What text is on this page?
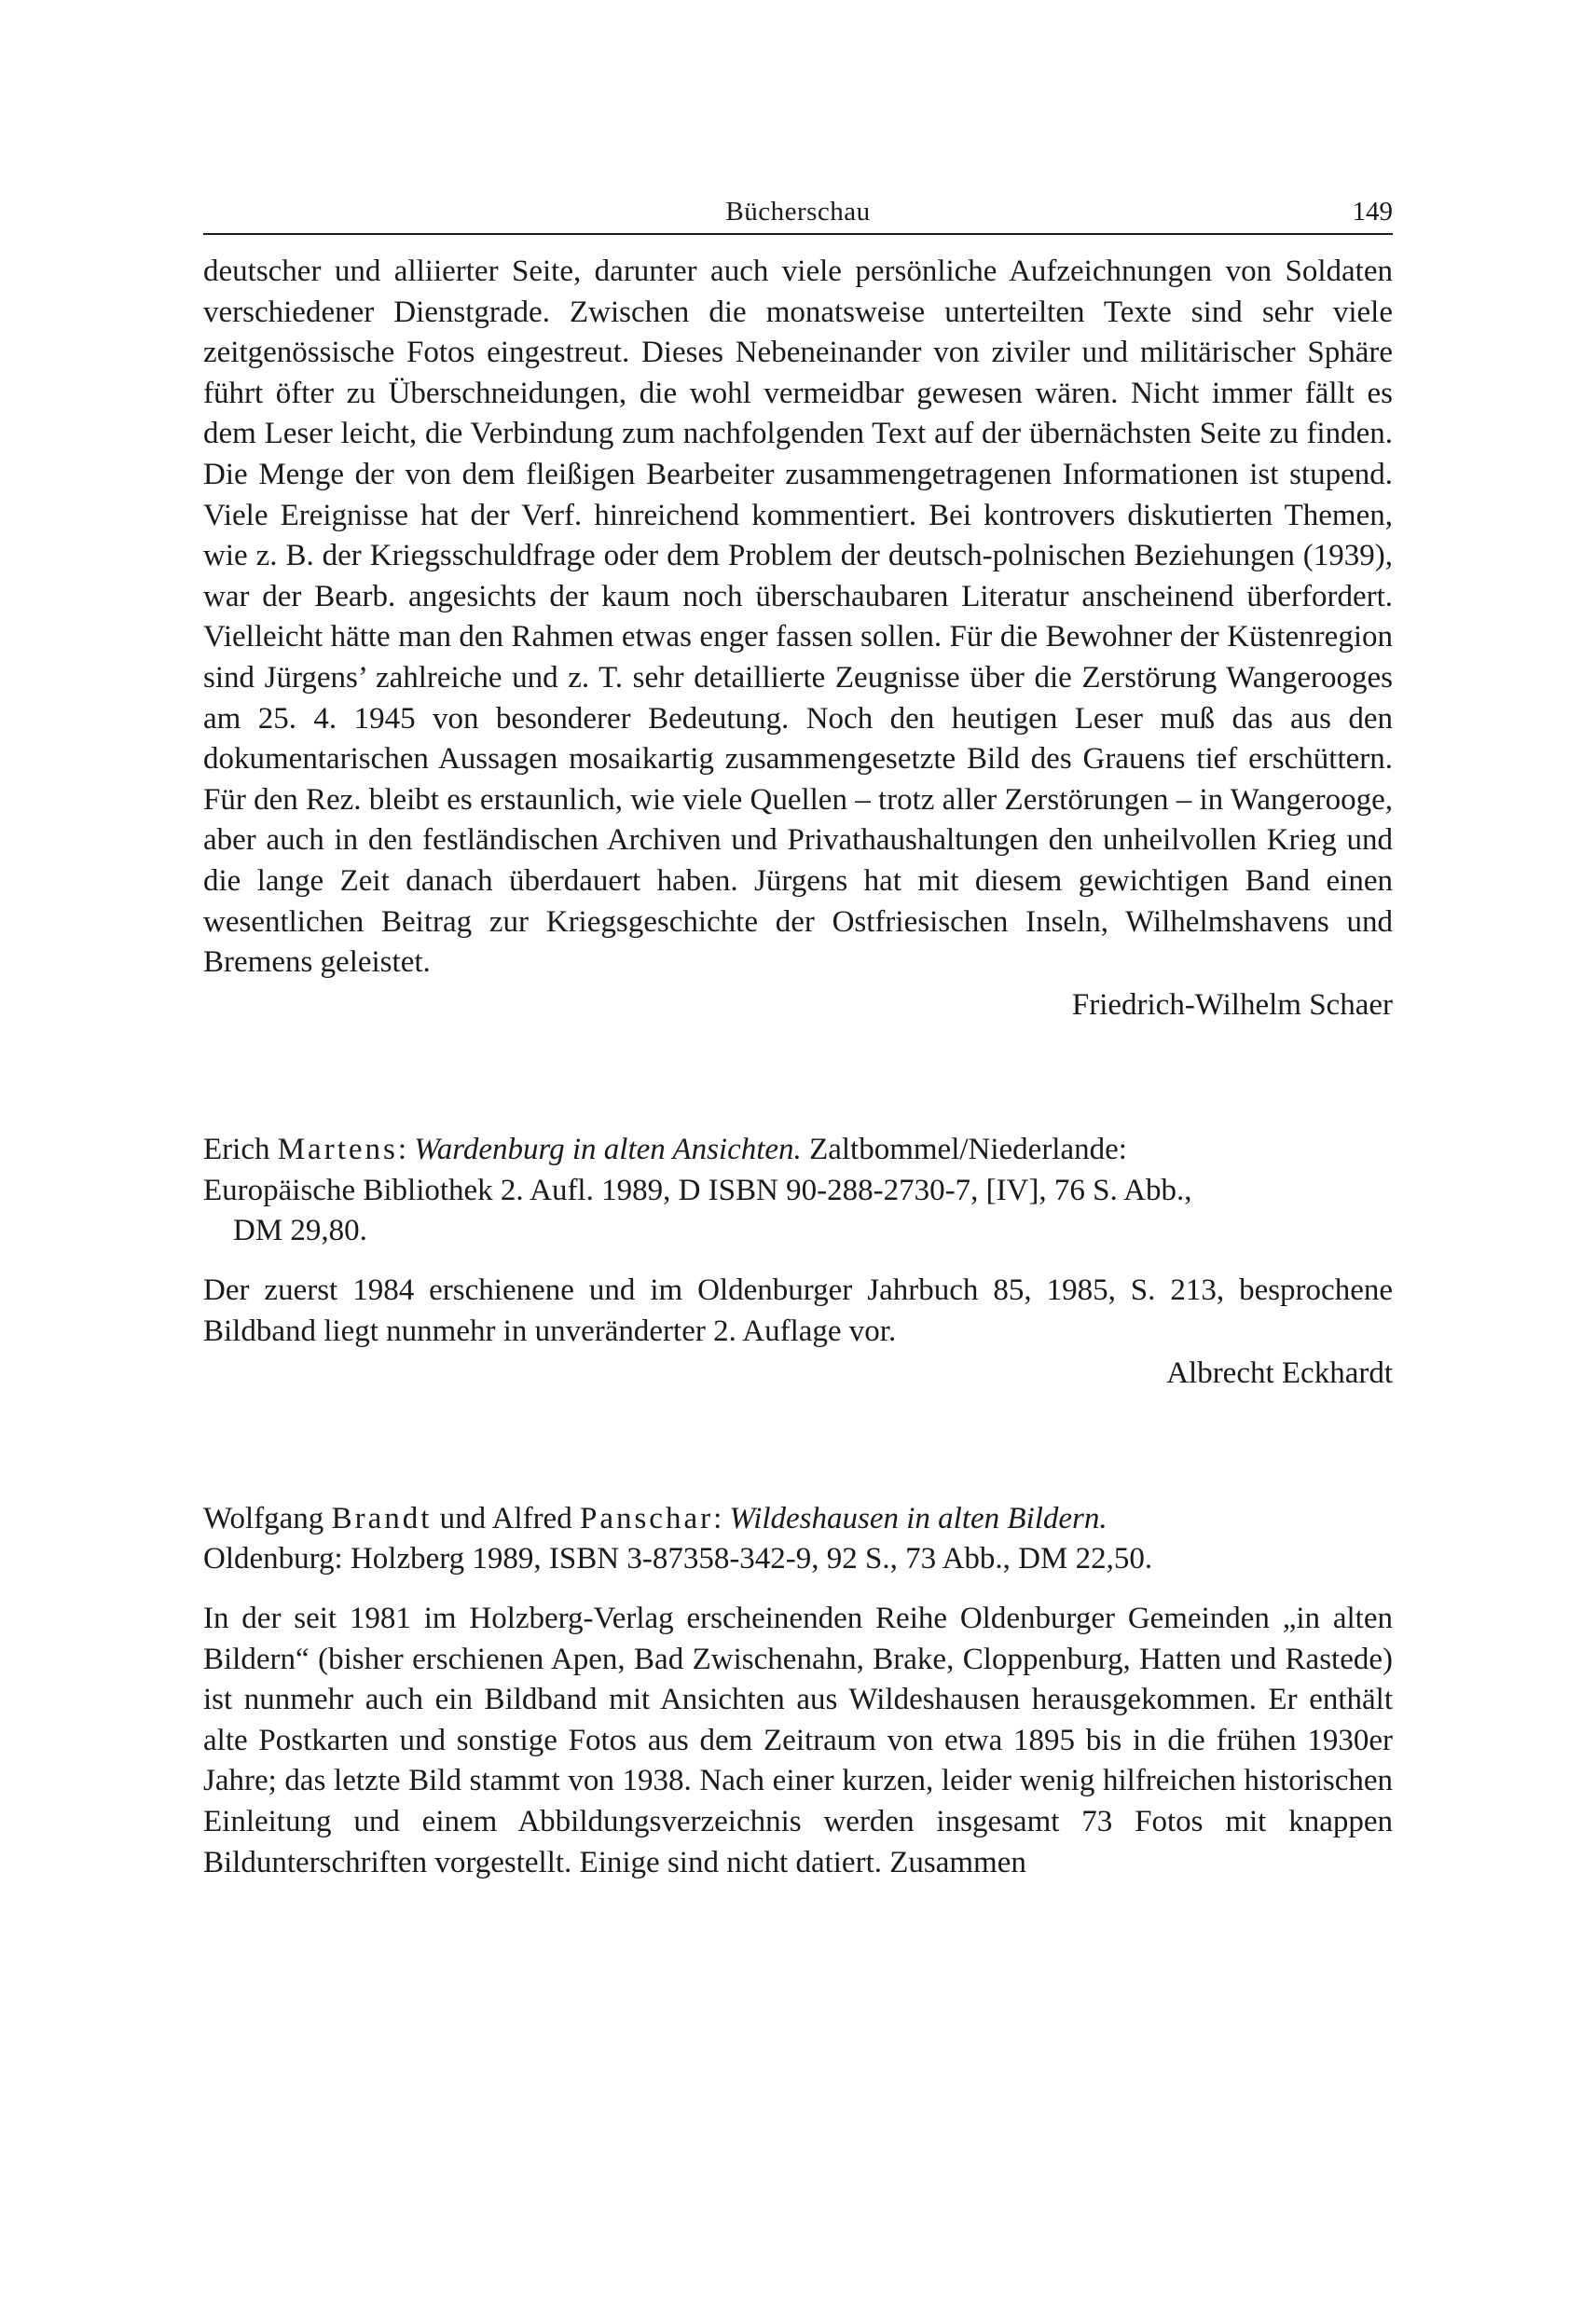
Bücherschau	149

deutscher und alliierter Seite, darunter auch viele persönliche Aufzeichnungen von Soldaten verschiedener Dienstgrade. Zwischen die monatsweise unterteilten Texte sind sehr viele zeitgenössische Fotos eingestreut. Dieses Nebeneinander von ziviler und militärischer Sphäre führt öfter zu Überschneidungen, die wohl vermeidbar gewesen wären. Nicht immer fällt es dem Leser leicht, die Verbindung zum nachfolgenden Text auf der übernächsten Seite zu finden. Die Menge der von dem fleißigen Bearbeiter zusammengetragenen Informationen ist stupend. Viele Ereignisse hat der Verf. hinreichend kommentiert. Bei kontrovers diskutierten Themen, wie z. B. der Kriegsschuldfrage oder dem Problem der deutsch-polnischen Beziehungen (1939), war der Bearb. angesichts der kaum noch überschaubaren Literatur anscheinend überfordert. Vielleicht hätte man den Rahmen etwas enger fassen sollen. Für die Bewohner der Küstenregion sind Jürgens’ zahlreiche und z. T. sehr detaillierte Zeugnisse über die Zerstörung Wangerooges am 25. 4. 1945 von besonderer Bedeutung. Noch den heutigen Leser muß das aus den dokumentarischen Aussagen mosaikartig zusammengesetzte Bild des Grauens tief erschüttern. Für den Rez. bleibt es erstaunlich, wie viele Quellen – trotz aller Zerstörungen – in Wangerooge, aber auch in den festländischen Archiven und Privathaushaltungen den unheilvollen Krieg und die lange Zeit danach überdauert haben. Jürgens hat mit diesem gewichtigen Band einen wesentlichen Beitrag zur Kriegsgeschichte der Ostfriesischen Inseln, Wilhelmshavens und Bremens geleistet.

Friedrich-Wilhelm Schaer

Erich Martens: Wardenburg in alten Ansichten. Zaltbommel/Niederlande:
Europäische Bibliothek 2. Aufl. 1989, D ISBN 90-288-2730-7, [IV], 76 S. Abb.,
DM 29,80.

Der zuerst 1984 erschienene und im Oldenburger Jahrbuch 85, 1985, S. 213, besprochene Bildband liegt nunmehr in unveränderter 2. Auflage vor.

Albrecht Eckhardt

Wolfgang Brandt und Alfred Panschar: Wildeshausen in alten Bildern.
Oldenburg: Holzberg 1989, ISBN 3-87358-342-9, 92 S., 73 Abb., DM 22,50.

In der seit 1981 im Holzberg-Verlag erscheinenden Reihe Oldenburger Gemeinden „in alten Bildern“ (bisher erschienen Apen, Bad Zwischenahn, Brake, Cloppenburg, Hatten und Rastede) ist nunmehr auch ein Bildband mit Ansichten aus Wildeshausen herausgekommen. Er enthält alte Postkarten und sonstige Fotos aus dem Zeitraum von etwa 1895 bis in die frühen 1930er Jahre; das letzte Bild stammt von 1938. Nach einer kurzen, leider wenig hilfreichen historischen Einleitung und einem Abbildungsverzeichnis werden insgesamt 73 Fotos mit knappen Bildunterschriften vorgestellt. Einige sind nicht datiert. Zusammen
